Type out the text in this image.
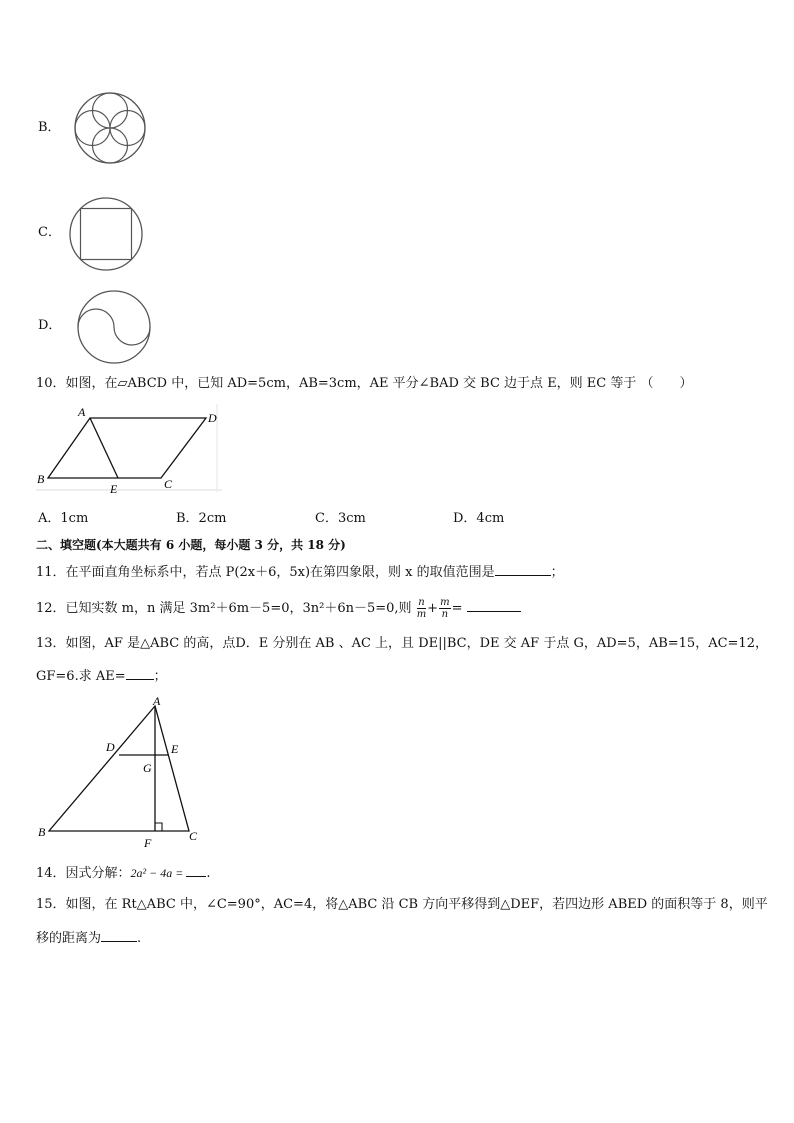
B．
C．
D．
10．如图，在▱ABCD 中，已知 AD=5cm，AB=3cm，AE 平分∠BAD 交 BC 边于点 E，则 EC 等于 （　　）
A	D
B
E	C
A．1cm	B．2cm	C．3cm	D．4cm
二、填空题(本大题共有 6 小题，每小题 3 分，共 18 分)
11．在平面直角坐标系中，若点 P(2x＋6，5x)在第四象限，则 x 的取值范围是	；
12．已知实数 m，n 满足 3m²＋6m－5=0，3n²＋6n－5=0,则 $\frac{n}{m} + \frac{m}{n}$ =
13．如图，AF 是△ABC 的高，点D．E 分别在 AB 、AC 上，且 DE||BC，DE 交 AF 于点 G，AD=5，AB=15，AC=12，
GF=6.求 AE= ；
A
D	E
G
B
F	C
14．因式分解：2a² − 4a = .
15．如图，在 Rt△ABC 中，∠C=90°，AC=4，将△ABC 沿 CB 方向平移得到△DEF，若四边形 ABED 的面积等于 8，则平
移的距离为	.
